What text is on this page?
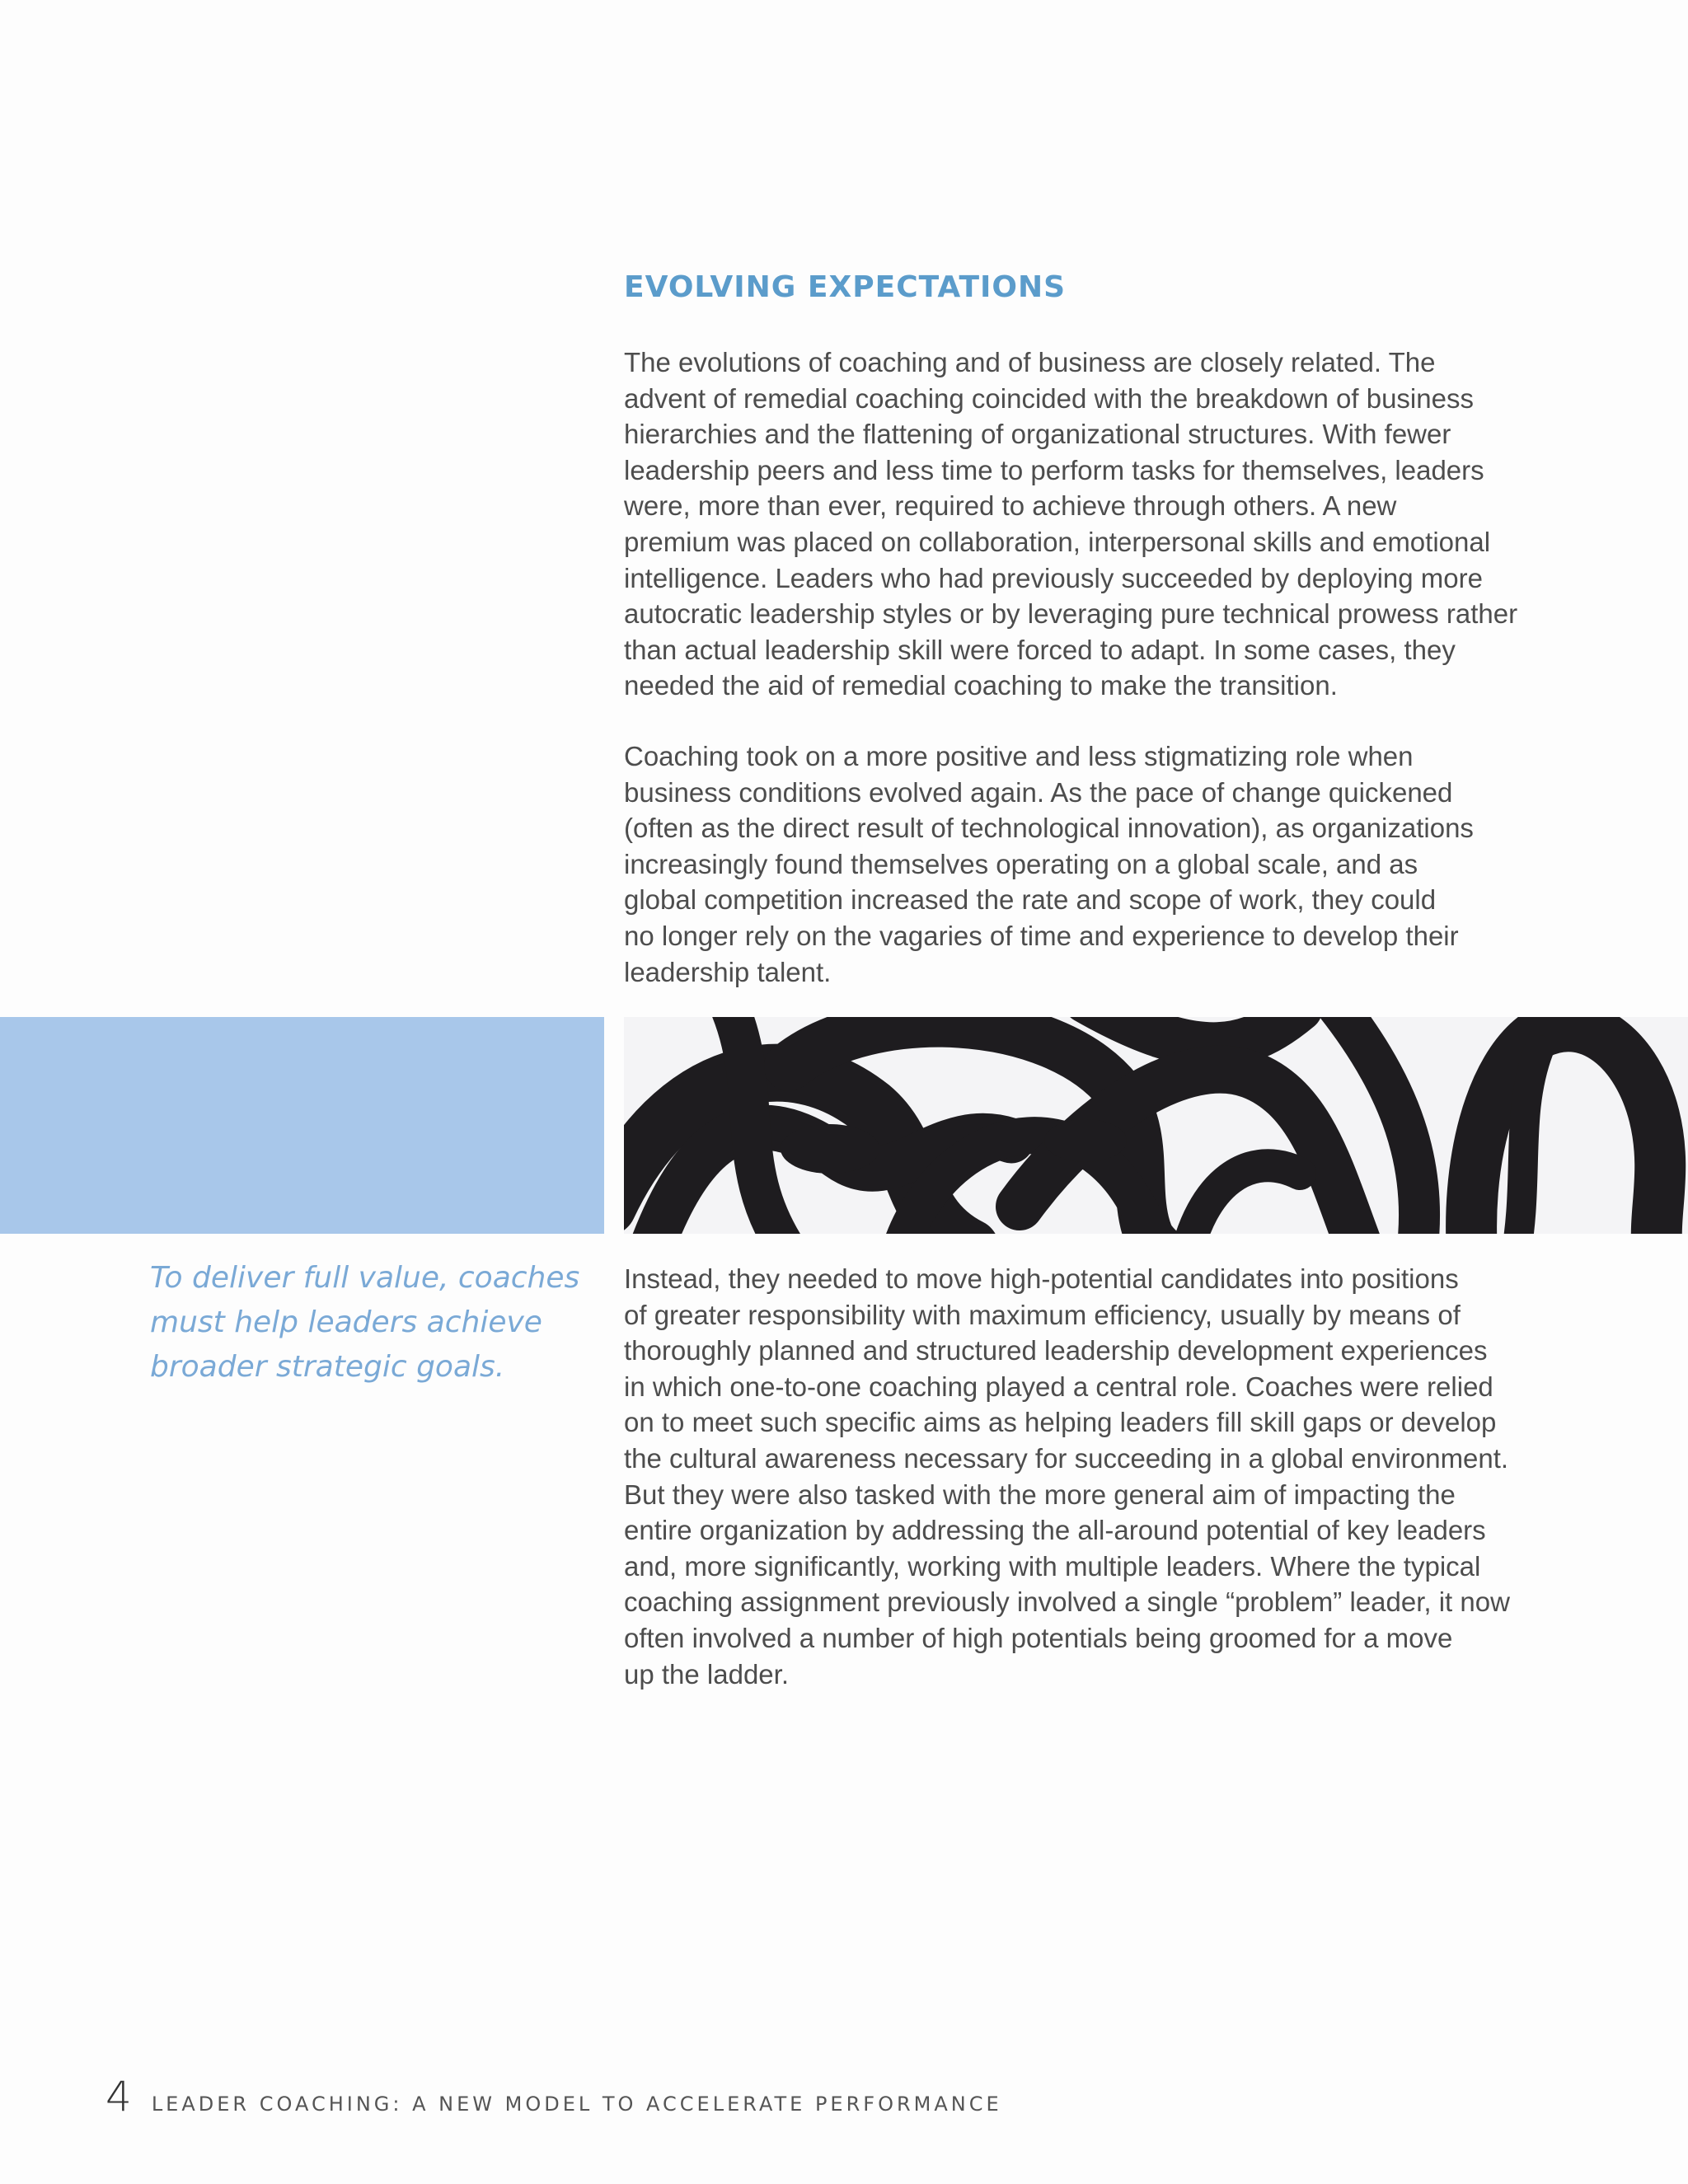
EVOLVING EXPECTATIONS
The evolutions of coaching and of business are closely related. The
advent of remedial coaching coincided with the breakdown of business
hierarchies and the flattening of organizational structures. With fewer
leadership peers and less time to perform tasks for themselves, leaders
were, more than ever, required to achieve through others. A new
premium was placed on collaboration, interpersonal skills and emotional
intelligence. Leaders who had previously succeeded by deploying more
autocratic leadership styles or by leveraging pure technical prowess rather
than actual leadership skill were forced to adapt. In some cases, they
needed the aid of remedial coaching to make the transition.
Coaching took on a more positive and less stigmatizing role when
business conditions evolved again. As the pace of change quickened
(often as the direct result of technological innovation), as organizations
increasingly found themselves operating on a global scale, and as
global competition increased the rate and scope of work, they could
no longer rely on the vagaries of time and experience to develop their
leadership talent.
To deliver full value, coaches
must help leaders achieve
broader strategic goals.
Instead, they needed to move high-potential candidates into positions
of greater responsibility with maximum efficiency, usually by means of
thoroughly planned and structured leadership development experiences
in which one-to-one coaching played a central role. Coaches were relied
on to meet such specific aims as helping leaders fill skill gaps or develop
the cultural awareness necessary for succeeding in a global environment.
But they were also tasked with the more general aim of impacting the
entire organization by addressing the all-around potential of key leaders
and, more significantly, working with multiple leaders. Where the typical
coaching assignment previously involved a single “problem” leader, it now
often involved a number of high potentials being groomed for a move
up the ladder.
4 LEADER COACHING: A NEW MODEL TO ACCELERATE PERFORMANCE
